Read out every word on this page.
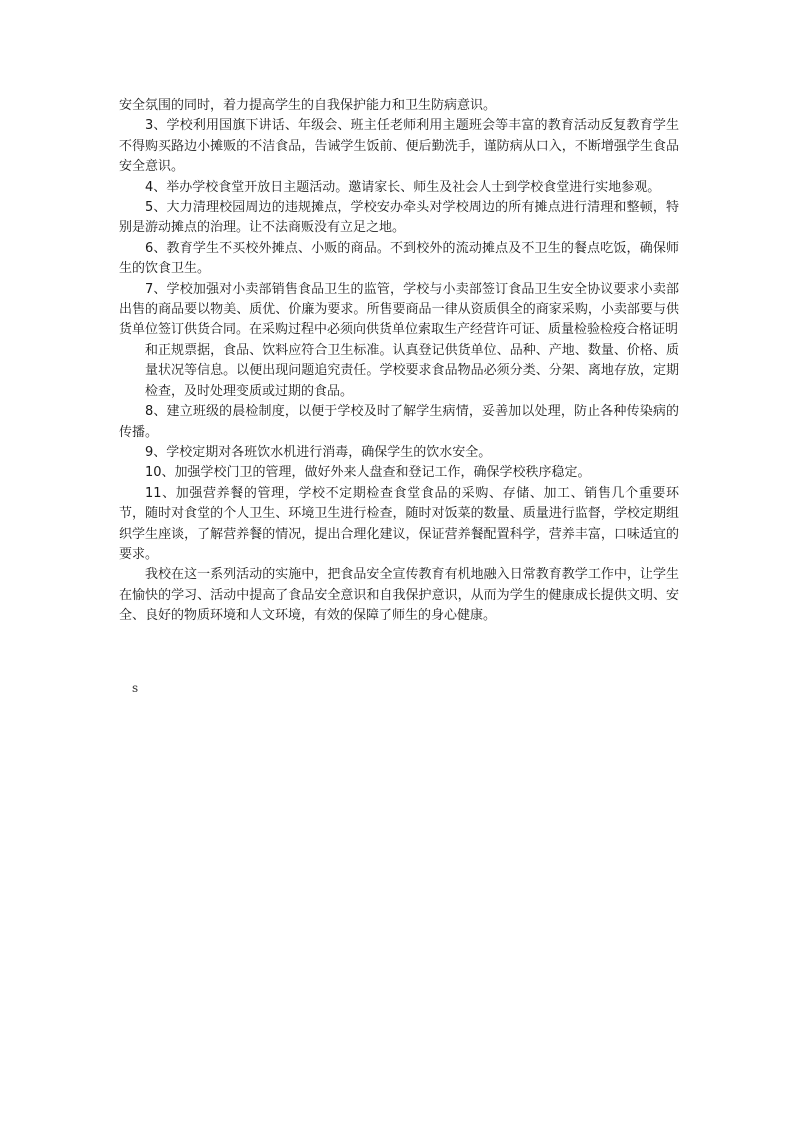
安全氛围的同时，着力提高学生的自我保护能力和卫生防病意识。

3、学校利用国旗下讲话、年级会、班主任老师利用主题班会等丰富的教育活动反复教育学生不得购买路边小摊贩的不洁食品，告诫学生饭前、便后勤洗手，谨防病从口入，不断增强学生食品安全意识。

4、举办学校食堂开放日主题活动。邀请家长、师生及社会人士到学校食堂进行实地参观。

5、大力清理校园周边的违规摊点，学校安办牵头对学校周边的所有摊点进行清理和整顿，特别是游动摊点的治理。让不法商贩没有立足之地。

6、教育学生不买校外摊点、小贩的商品。不到校外的流动摊点及不卫生的餐点吃饭，确保师生的饮食卫生。

7、学校加强对小卖部销售食品卫生的监管，学校与小卖部签订食品卫生安全协议要求小卖部出售的商品要以物美、质优、价廉为要求。所售要商品一律从资质俱全的商家采购，小卖部要与供货单位签订供货合同。在采购过程中必须向供货单位索取生产经营许可证、质量检验检疫合格证明

和正规票据，食品、饮料应符合卫生标准。认真登记供货单位、品种、产地、数量、价格、质量状况等信息。以便出现问题追究责任。学校要求食品物品必须分类、分架、离地存放，定期检查，及时处理变质或过期的食品。

8、建立班级的晨检制度，以便于学校及时了解学生病情，妥善加以处理，防止各种传染病的传播。

9、学校定期对各班饮水机进行消毒，确保学生的饮水安全。

10、加强学校门卫的管理，做好外来人盘查和登记工作，确保学校秩序稳定。

11、加强营养餐的管理，学校不定期检查食堂食品的采购、存储、加工、销售几个重要环节，随时对食堂的个人卫生、环境卫生进行检查，随时对饭菜的数量、质量进行监督，学校定期组织学生座谈，了解营养餐的情况，提出合理化建议，保证营养餐配置科学，营养丰富，口味适宜的要求。

我校在这一系列活动的实施中，把食品安全宣传教育有机地融入日常教育教学工作中，让学生在愉快的学习、活动中提高了食品安全意识和自我保护意识，从而为学生的健康成长提供文明、安全、良好的物质环境和人文环境，有效的保障了师生的身心健康。

s
